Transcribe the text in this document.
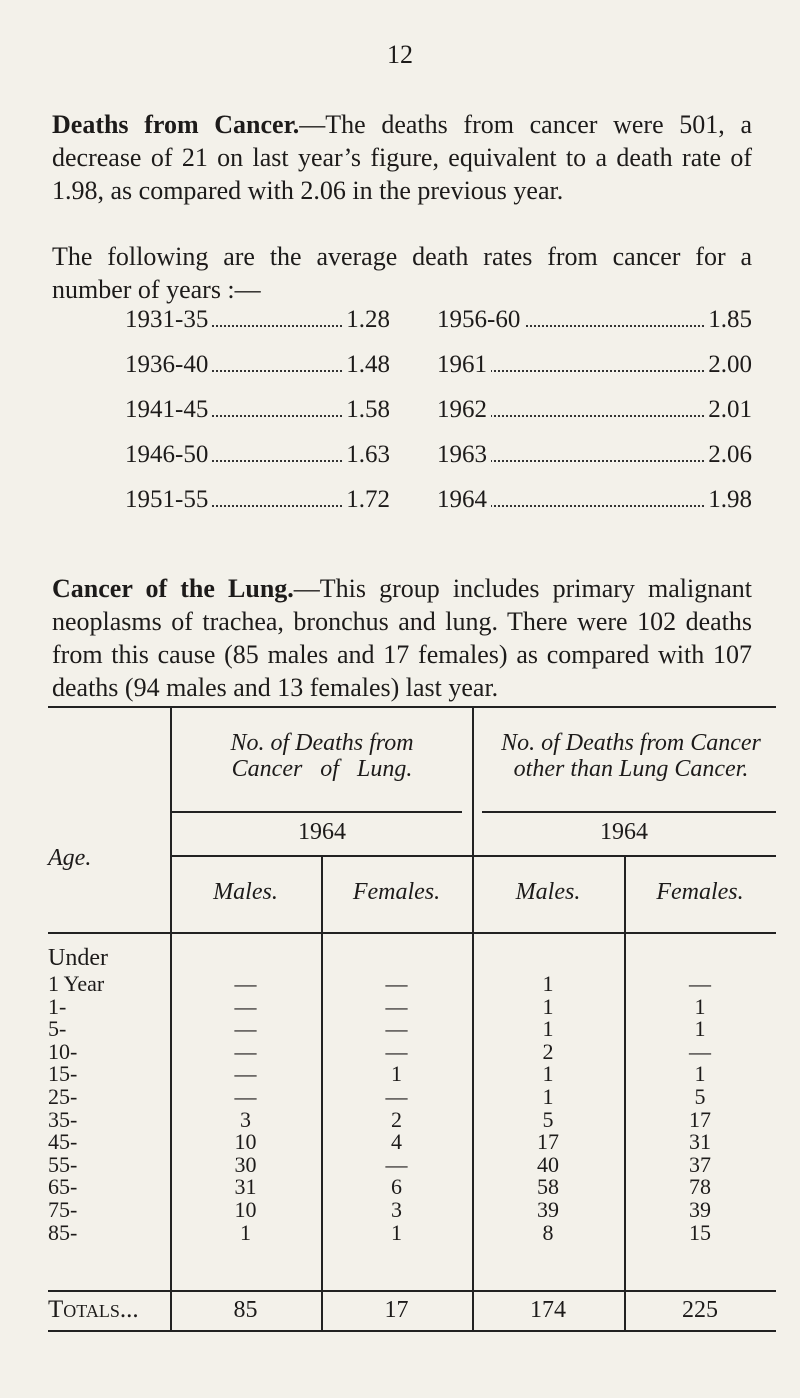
12
Deaths from Cancer.—The deaths from cancer were 501, a decrease of 21 on last year’s figure, equivalent to a death rate of 1.98, as compared with 2.06 in the previous year.
The following are the average death rates from cancer for a number of years :—
1931-35	1.28
1936-40	1.48
1941-45	1.58
1946-50	1.63
1951-55	1.72
1956-60	1.85
1961	2.00
1962	2.01
1963	2.06
1964	1.98
Cancer of the Lung.—This group includes primary malignant neoplasms of trachea, bronchus and lung. There were 102 deaths from this cause (85 males and 17 females) as compared with 107 deaths (94 males and 13 females) last year.
Age.
No. of Deaths from
Cancer   of   Lung.
No. of Deaths from Cancer
other than Lung Cancer.
1964	1964
Males.	Females.	Males.	Females.
Under
1 Year	—	—	1	—
1-	—	—	1	1
5-	—	—	1	1
10-	—	—	2	—
15-	—	1	1	1
25-	—	—	1	5
35-	3	2	5	17
45-	10	4	17	31
55-	30	—	40	37
65-	31	6	58	78
75-	10	3	39	39
85-	1	1	8	15
Totals...	85	17	174	225
